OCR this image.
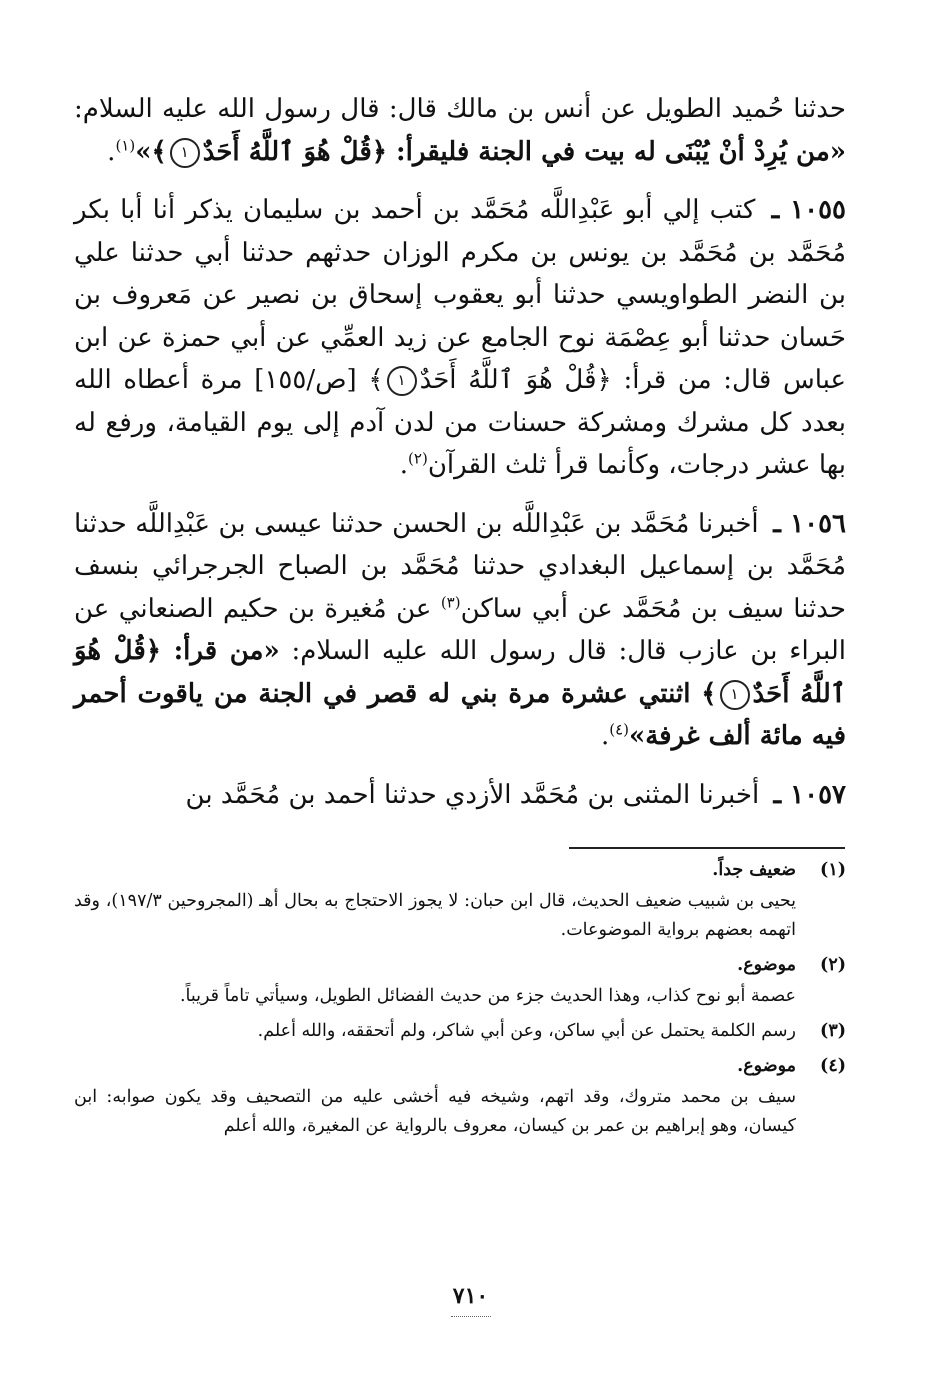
حدثنا حُميد الطويل عن أنس بن مالك قال: قال رسول الله عليه السلام: «من يُرِدْ أنْ يُبْنَى له بيت في الجنة فليقرأ: ﴿قُلْ هُوَ ٱللَّهُ أَحَدٌ١﴾»$^{(١)}$.

١٠٥٥ ـ كتب إلي أبو عَبْدِاللَّه مُحَمَّد بن أحمد بن سليمان يذكر أنا أبا بكر مُحَمَّد بن مُحَمَّد بن يونس بن مكرم الوزان حدثهم حدثنا أبي حدثنا علي بن النضر الطواويسي حدثنا أبو يعقوب إسحاق بن نصير عن مَعروف بن حَسان حدثنا أبو عِصْمَة نوح الجامع عن زيد العمِّي عن أبي حمزة عن ابن عباس قال: من قرأ: ﴿قُلْ هُوَ ٱللَّهُ أَحَدٌ١﴾ [ص/١٥٥] مرة أعطاه الله بعدد كل مشرك ومشركة حسنات من لدن آدم إلى يوم القيامة، ورفع له بها عشر درجات، وكأنما قرأ ثلث القرآن$^{(٢)}$.

١٠٥٦ ـ أخبرنا مُحَمَّد بن عَبْدِاللَّه بن الحسن حدثنا عيسى بن عَبْدِاللَّه حدثنا مُحَمَّد بن إسماعيل البغدادي حدثنا مُحَمَّد بن الصباح الجرجرائي بنسف حدثنا سيف بن مُحَمَّد عن أبي ساكن$^{(٣)}$ عن مُغيرة بن حكيم الصنعاني عن البراء بن عازب قال: قال رسول الله عليه السلام: «من قرأ: ﴿قُلْ هُوَ ٱللَّهُ أَحَدٌ١﴾ اثنتي عشرة مرة بني له قصر في الجنة من ياقوت أحمر فيه مائة ألف غرفة»$^{(٤)}$.

١٠٥٧ ـ أخبرنا المثنى بن مُحَمَّد الأزدي حدثنا أحمد بن مُحَمَّد بن

(١)
ضعيف جداً.
يحيى بن شبيب ضعيف الحديث، قال ابن حبان: لا يجوز الاحتجاج به بحال أهـ (المجروحين ١٩٧/٣)، وقد اتهمه بعضهم برواية الموضوعات.
(٢)
موضوع.
عصمة أبو نوح كذاب، وهذا الحديث جزء من حديث الفضائل الطويل، وسيأتي تاماً قريباً.
(٣)
رسم الكلمة يحتمل عن أبي ساكن، وعن أبي شاكر، ولم أتحققه، والله أعلم.
(٤)
موضوع.
سيف بن محمد متروك، وقد اتهم، وشيخه فيه أخشى عليه من التصحيف وقد يكون صوابه: ابن كيسان، وهو إبراهيم بن عمر بن كيسان، معروف بالرواية عن المغيرة، والله أعلم
٧١٠
